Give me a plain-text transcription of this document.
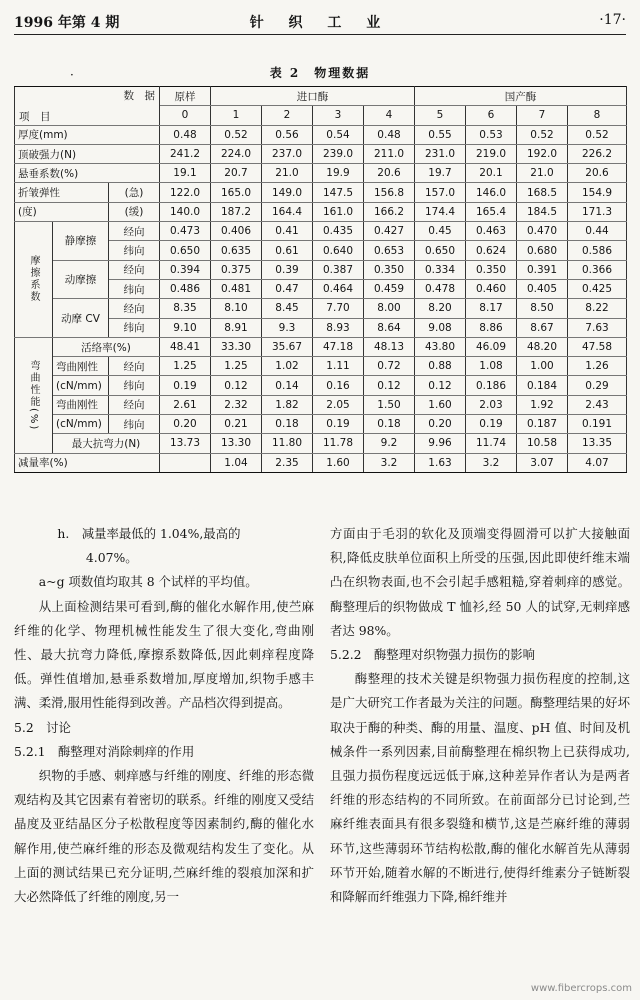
1996 年第 4 期	针 织 工 业	·17·
·	表 2　物理数据
数　据
项　目			原样	进口酶				国产酶			
			0	1	2	3	4	5	6	7	8
厚度(mm)			0.48	0.52	0.56	0.54	0.48	0.55	0.53	0.52	0.52
顶破强力(N)			241.2	224.0	237.0	239.0	211.0	231.0	219.0	192.0	226.2
悬垂系数(%)			19.1	20.7	21.0	19.9	20.6	19.7	20.1	21.0	20.6
折皱弹性		(急)	122.0	165.0	149.0	147.5	156.8	157.0	146.0	168.5	154.9
(度)		(缓)	140.0	187.2	164.4	161.0	166.2	174.4	165.4	184.5	171.3
摩擦系数	静摩擦	经向	0.473	0.406	0.41	0.435	0.427	0.45	0.463	0.470	0.44
		纬向	0.650	0.635	0.61	0.640	0.653	0.650	0.624	0.680	0.586
	动摩擦	经向	0.394	0.375	0.39	0.387	0.350	0.334	0.350	0.391	0.366
		纬向	0.486	0.481	0.47	0.464	0.459	0.478	0.460	0.405	0.425
	动摩 CV	经向	8.35	8.10	8.45	7.70	8.00	8.20	8.17	8.50	8.22
		纬向	9.10	8.91	9.3	8.93	8.64	9.08	8.86	8.67	7.63
弯曲性能(%)	活络率(%)		48.41	33.30	35.67	47.18	48.13	43.80	46.09	48.20	47.58
	弯曲刚性	经向	1.25	1.25	1.02	1.11	0.72	0.88	1.08	1.00	1.26
	(cN/mm)	纬向	0.19	0.12	0.14	0.16	0.12	0.12	0.186	0.184	0.29
	弯曲刚性	经向	2.61	2.32	1.82	2.05	1.50	1.60	2.03	1.92	2.43
	(cN/mm)	纬向	0.20	0.21	0.18	0.19	0.18	0.20	0.19	0.187	0.191
	最大抗弯力(N)		13.73	13.30	11.80	11.78	9.2	9.96	11.74	10.58	13.35
减量率(%)				1.04	2.35	1.60	3.2	1.63	3.2	3.07	4.07

h.　减量率最低的 1.04%,最高的

4.07%。

a~g 项数值均取其 8 个试样的平均值。

从上面检测结果可看到,酶的催化水解作用,使苎麻纤维的化学、物理机械性能发生了很大变化,弯曲刚性、最大抗弯力降低,摩擦系数降低,因此刺痒程度降低。弹性值增加,悬垂系数增加,厚度增加,织物手感丰满、柔滑,服用性能得到改善。产品档次得到提高。

5.2　讨论

5.2.1　酶整理对消除刺痒的作用

织物的手感、刺痒感与纤维的刚度、纤维的形态微观结构及其它因素有着密切的联系。纤维的刚度又受结晶度及亚结晶区分子松散程度等因素制约,酶的催化水解作用,使苎麻纤维的形态及微观结构发生了变化。从上面的测试结果已充分证明,苎麻纤维的裂痕加深和扩大必然降低了纤维的刚度,另一

方面由于毛羽的软化及顶端变得圆滑可以扩大接触面积,降低皮肤单位面积上所受的压强,因此即使纤维末端凸在织物表面,也不会引起手感粗糙,穿着刺痒的感觉。酶整理后的织物做成 T 恤衫,经 50 人的试穿,无刺痒感者达 98%。

5.2.2　酶整理对织物强力损伤的影响

酶整理的技术关键是织物强力损伤程度的控制,这是广大研究工作者最为关注的问题。酶整理结果的好坏取决于酶的种类、酶的用量、温度、pH 值、时间及机械条件一系列因素,目前酶整理在棉织物上已获得成功,且强力损伤程度远远低于麻,这种差异作者认为是两者纤维的形态结构的不同所致。在前面部分已讨论到,苎麻纤维表面具有很多裂缝和横节,这是苎麻纤维的薄弱环节,这些薄弱环节结构松散,酶的催化水解首先从薄弱环节开始,随着水解的不断进行,使得纤维素分子链断裂和降解而纤维强力下降,棉纤维并

www.fibercrops.com
